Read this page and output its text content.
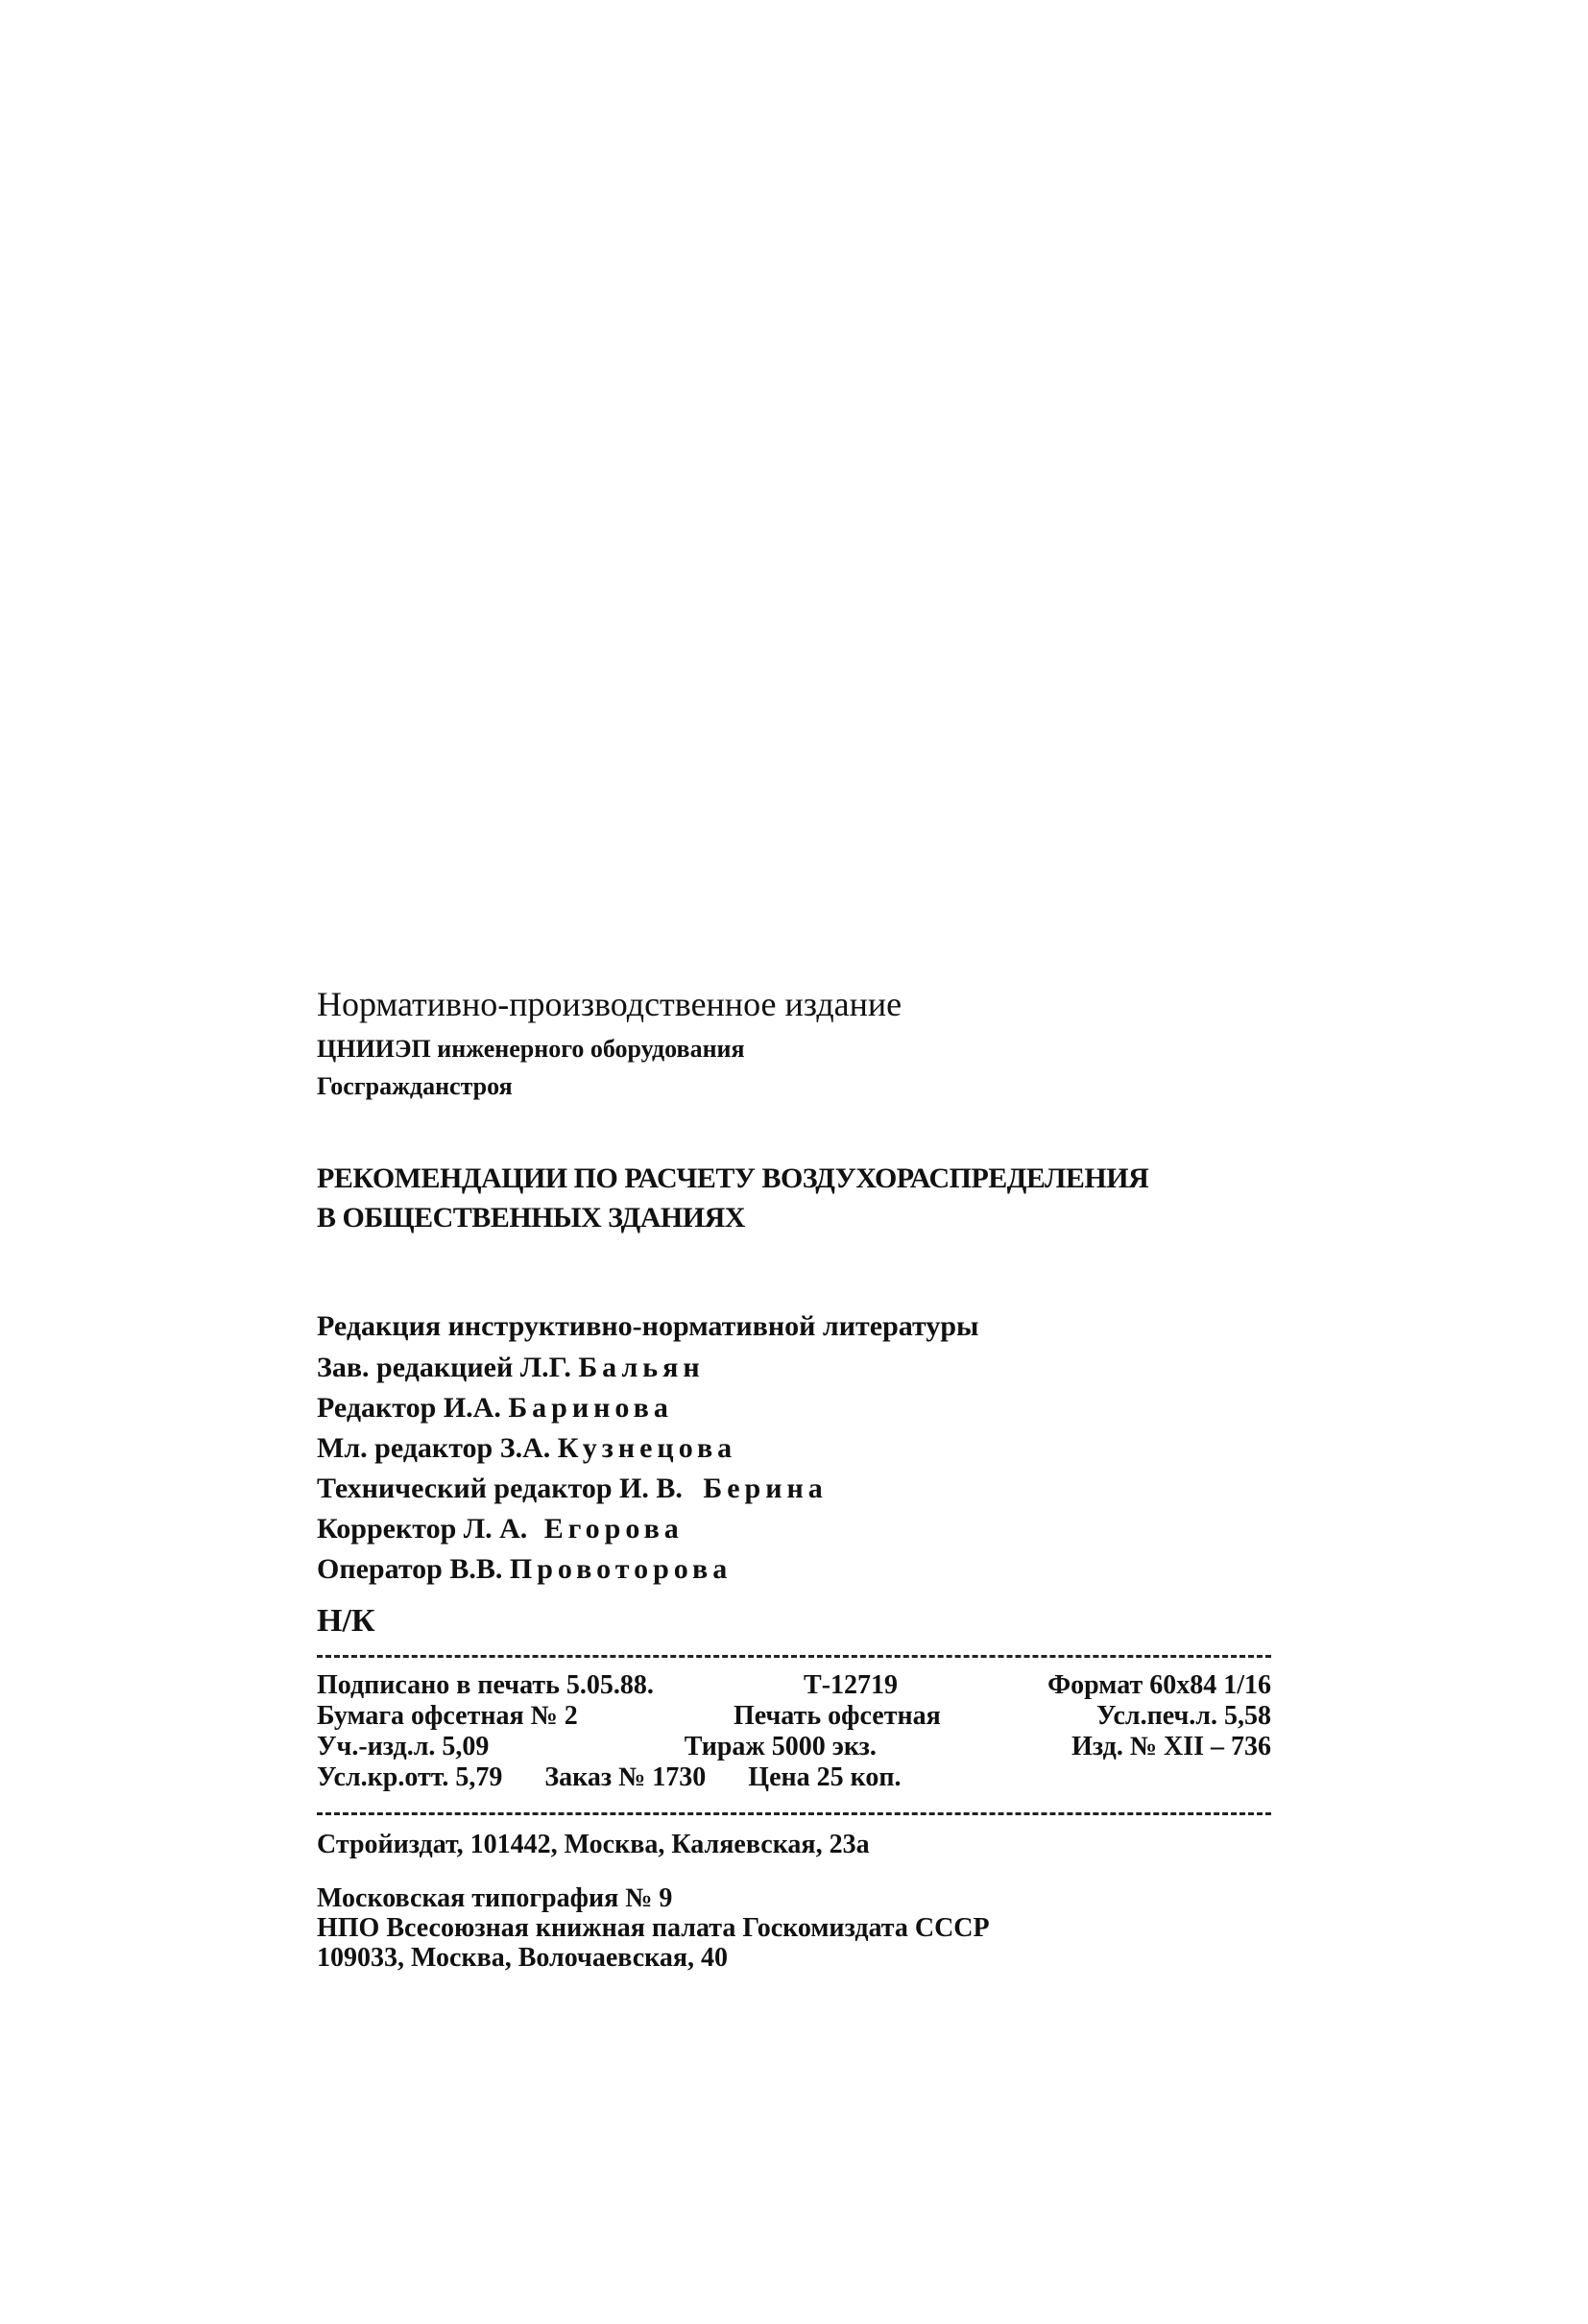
Нормативно-производственное издание
ЦНИИЭП инженерного оборудования
Госгражданстроя
РЕКОМЕНДАЦИИ ПО РАСЧЕТУ ВОЗДУХОРАСПРЕДЕЛЕНИЯ
В ОБЩЕСТВЕННЫХ ЗДАНИЯХ
Редакция инструктивно-нормативной литературы
Зав. редакцией Л.Г. Бальян
Редактор И.А. Баринова
Мл. редактор З.А. Кузнецова
Технический редактор И. В. Берина
Корректор Л. А. Егорова
Оператор В.В. Провоторова
Н/К
Подписано в печать 5.05.88.	Т-12719	Формат 60x84 1/16
Бумага офсетная № 2	Печать офсетная	Усл.печ.л. 5,58
Уч.-изд.л. 5,09	Тираж 5000 экз.	Изд. № XII – 736
Усл.кр.отт. 5,79 Заказ № 1730 Цена 25 коп.
Стройиздат, 101442, Москва, Каляевская, 23а
Московская типография № 9
НПО Всесоюзная книжная палата Госкомиздата СССР
109033, Москва, Волочаевская, 40
